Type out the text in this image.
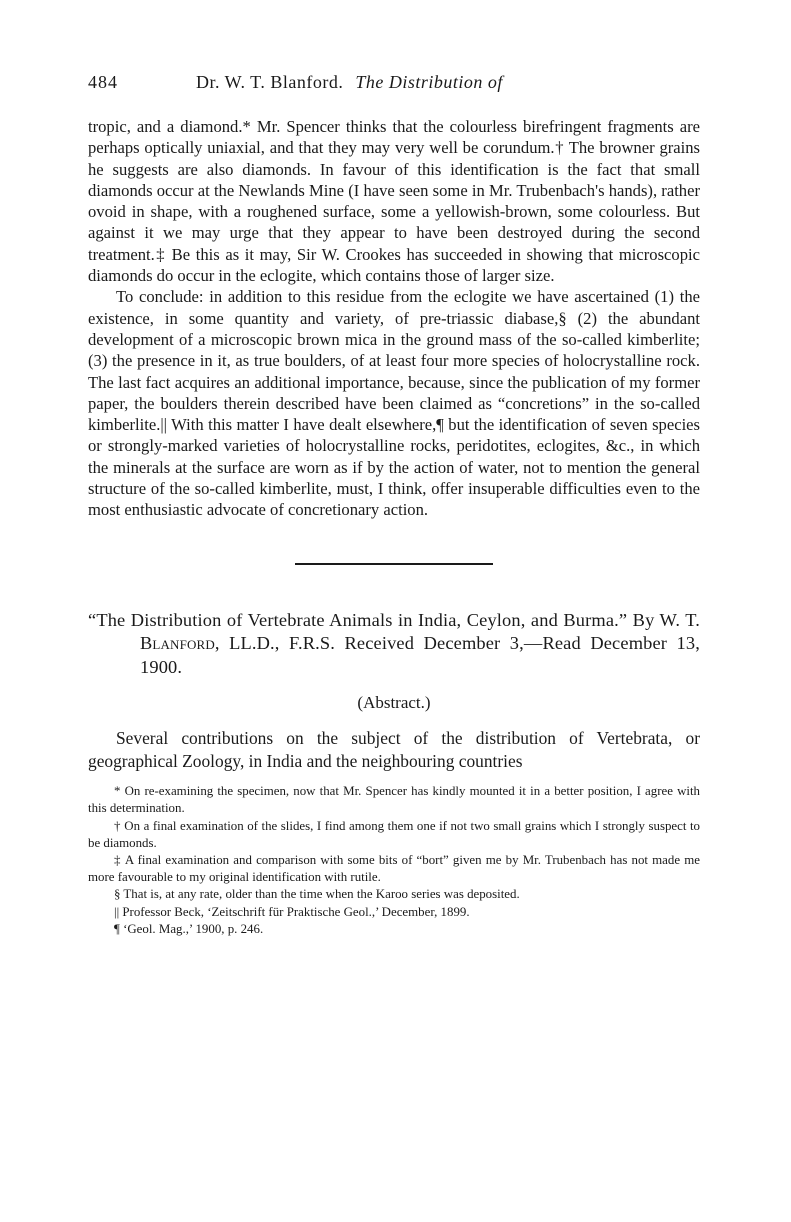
484	Dr. W. T. Blanford. The Distribution of

tropic, and a diamond.* Mr. Spencer thinks that the colourless birefringent fragments are perhaps optically uniaxial, and that they may very well be corundum.† The browner grains he suggests are also diamonds. In favour of this identification is the fact that small diamonds occur at the Newlands Mine (I have seen some in Mr. Trubenbach's hands), rather ovoid in shape, with a roughened surface, some a yellowish-brown, some colourless. But against it we may urge that they appear to have been destroyed during the second treatment.‡ Be this as it may, Sir W. Crookes has succeeded in showing that microscopic diamonds do occur in the eclogite, which contains those of larger size.

To conclude: in addition to this residue from the eclogite we have ascertained (1) the existence, in some quantity and variety, of pre-triassic diabase,§ (2) the abundant development of a microscopic brown mica in the ground mass of the so-called kimberlite; (3) the presence in it, as true boulders, of at least four more species of holocrystalline rock. The last fact acquires an additional importance, because, since the publication of my former paper, the boulders therein described have been claimed as “concretions” in the so-called kimberlite.|| With this matter I have dealt elsewhere,¶ but the identification of seven species or strongly-marked varieties of holocrystalline rocks, peridotites, eclogites, &c., in which the minerals at the surface are worn as if by the action of water, not to mention the general structure of the so-called kimberlite, must, I think, offer insuperable difficulties even to the most enthusiastic advocate of concretionary action.

“The Distribution of Vertebrate Animals in India, Ceylon, and Burma.” By W. T. Blanford, LL.D., F.R.S. Received December 3,—Read December 13, 1900.
(Abstract.)

Several contributions on the subject of the distribution of Vertebrata, or geographical Zoology, in India and the neighbouring countries

* On re-examining the specimen, now that Mr. Spencer has kindly mounted it in a better position, I agree with this determination.

† On a final examination of the slides, I find among them one if not two small grains which I strongly suspect to be diamonds.

‡ A final examination and comparison with some bits of “bort” given me by Mr. Trubenbach has not made me more favourable to my original identification with rutile.

§ That is, at any rate, older than the time when the Karoo series was deposited.

|| Professor Beck, ‘Zeitschrift für Praktische Geol.,’ December, 1899.

¶ ‘Geol. Mag.,’ 1900, p. 246.
